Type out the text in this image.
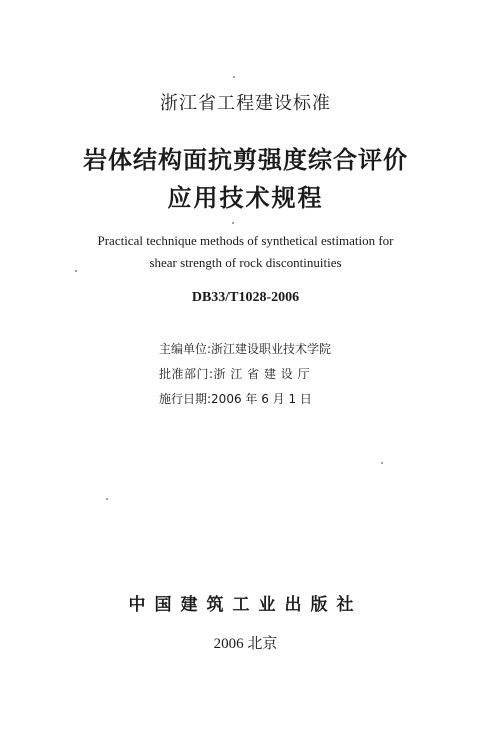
浙江省工程建设标准
岩体结构面抗剪强度综合评价
应用技术规程
Practical technique methods of synthetical estimation for
shear strength of rock discontinuities
DB33/T1028-2006
主编单位:浙江建设职业技术学院
批准部门:浙 江 省 建 设 厅
施行日期:2006 年 6 月 1 日
中国建筑工业出版社
2006 北京
